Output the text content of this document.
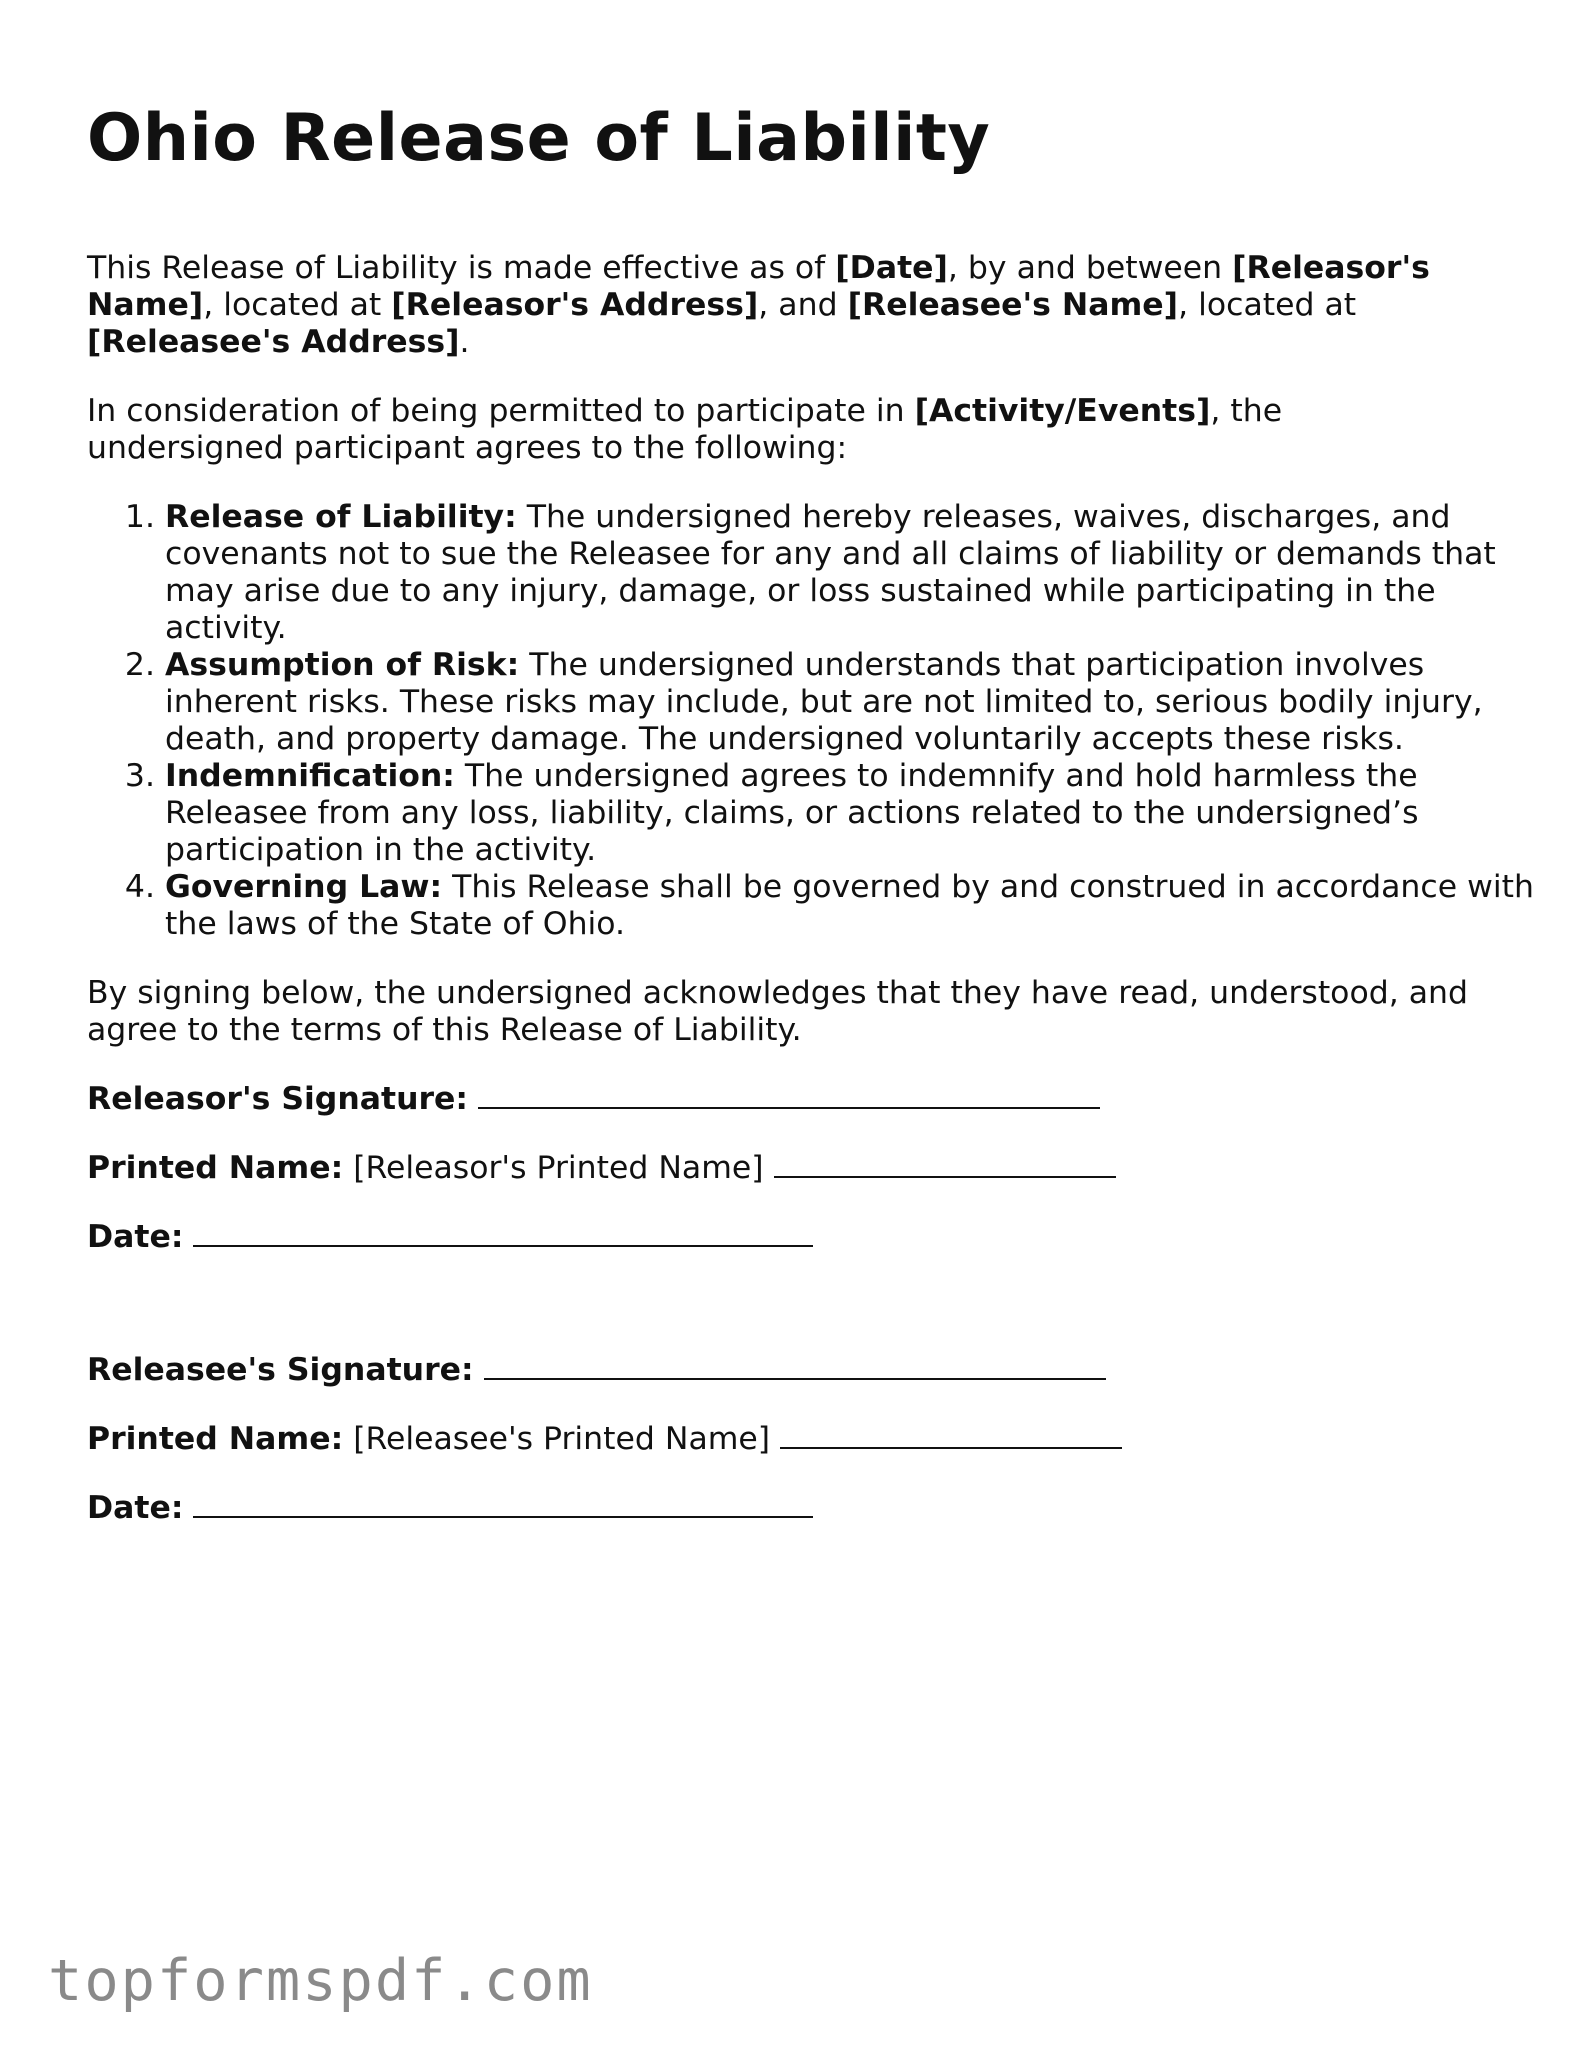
Ohio Release of Liability

This Release of Liability is made effective as of [Date], by and between [Releasor's Name], located at [Releasor's Address], and [Releasee's Name], located at [Releasee's Address].

In consideration of being permitted to participate in [Activity/Events], the undersigned participant agrees to the following:

1. Release of Liability: The undersigned hereby releases, waives, discharges, and covenants not to sue the Releasee for any and all claims of liability or demands that may arise due to any injury, damage, or loss sustained while participating in the activity.
2. Assumption of Risk: The undersigned understands that participation involves inherent risks. These risks may include, but are not limited to, serious bodily injury, death, and property damage. The undersigned voluntarily accepts these risks.
3. Indemnification: The undersigned agrees to indemnify and hold harmless the Releasee from any loss, liability, claims, or actions related to the undersigned’s participation in the activity.
4. Governing Law: This Release shall be governed by and construed in accordance with the laws of the State of Ohio.

By signing below, the undersigned acknowledges that they have read, understood, and agree to the terms of this Release of Liability.

Releasor's Signature:
Printed Name: [Releasor's Printed Name]
Date:
Releasee's Signature:
Printed Name: [Releasee's Printed Name]
Date:
topformspdf.com
